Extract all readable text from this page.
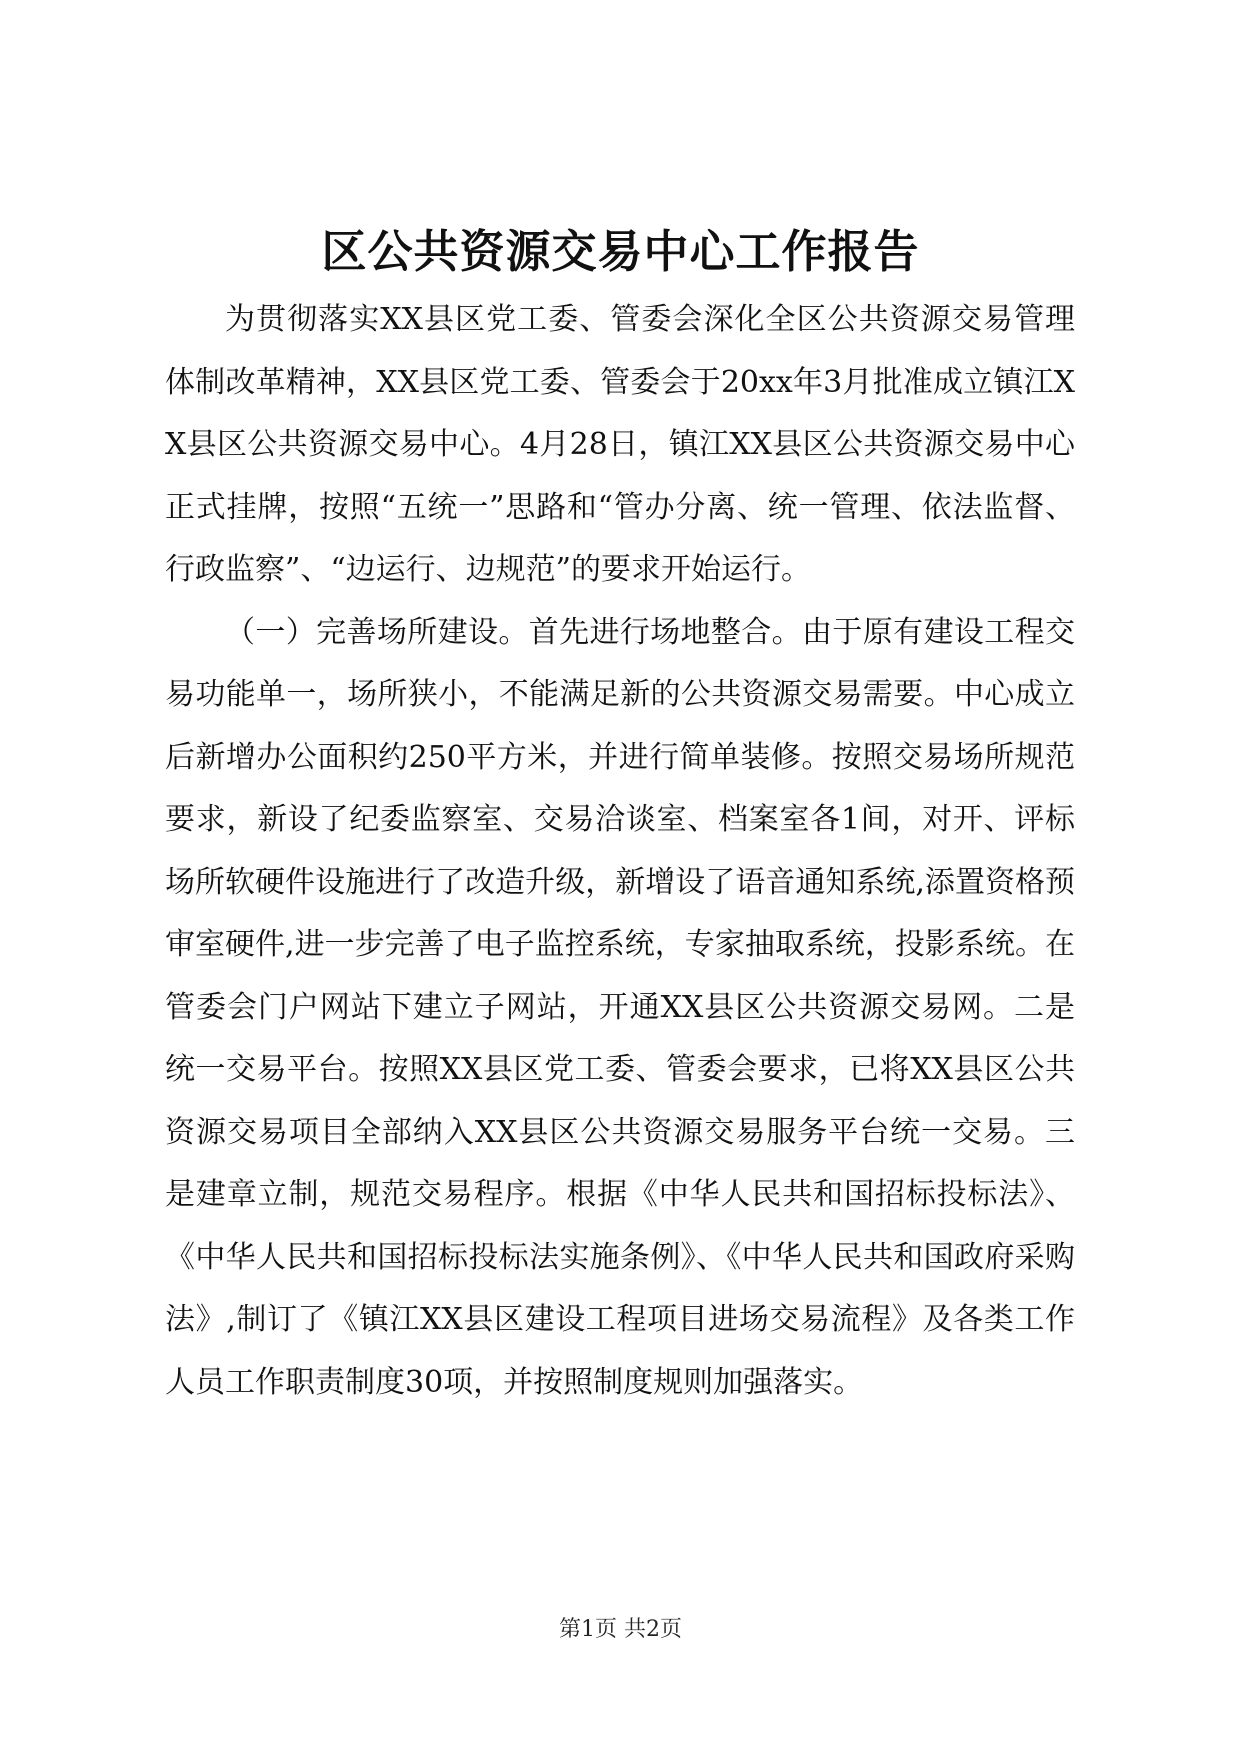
区公共资源交易中心工作报告

为贯彻落实XX县区党工委、管委会深化全区公共资源交易管理体制改革精神，XX县区党工委、管委会于20xx年3月批准成立镇江XX县区公共资源交易中心。4月28日，镇江XX县区公共资源交易中心正式挂牌，按照“五统一”思路和“管办分离、统一管理、依法监督、行政监察”、“边运行、边规范”的要求开始运行。

（一）完善场所建设。首先进行场地整合。由于原有建设工程交易功能单一，场所狭小，不能满足新的公共资源交易需要。中心成立后新增办公面积约250平方米，并进行简单装修。按照交易场所规范要求，新设了纪委监察室、交易洽谈室、档案室各1间，对开、评标场所软硬件设施进行了改造升级，新增设了语音通知系统,添置资格预审室硬件,进一步完善了电子监控系统，专家抽取系统，投影系统。在管委会门户网站下建立子网站，开通XX县区公共资源交易网。二是统一交易平台。按照XX县区党工委、管委会要求，已将XX县区公共资源交易项目全部纳入XX县区公共资源交易服务平台统一交易。三是建章立制，规范交易程序。根据《中华人民共和国招标投标法》、《中华人民共和国招标投标法实施条例》、《中华人民共和国政府采购法》,制订了《镇江XX县区建设工程项目进场交易流程》及各类工作人员工作职责制度30项，并按照制度规则加强落实。

第1页 共2页
